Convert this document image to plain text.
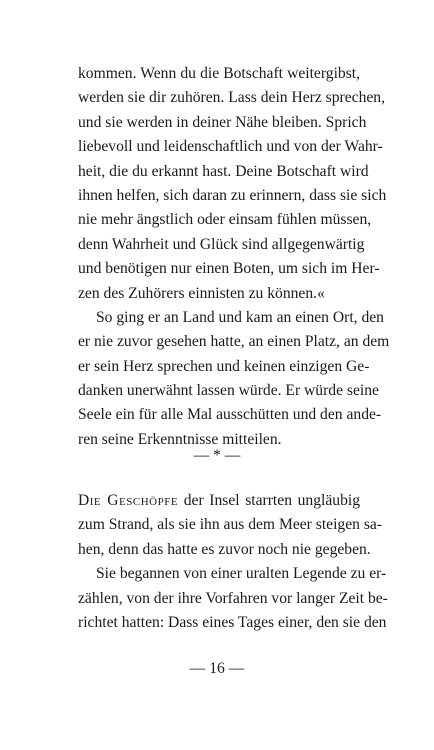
kommen. Wenn du die Botschaft weitergibst,
werden sie dir zuhören. Lass dein Herz sprechen,
und sie werden in deiner Nähe bleiben. Sprich
liebevoll und leidenschaftlich und von der Wahr-
heit, die du erkannt hast. Deine Botschaft wird
ihnen helfen, sich daran zu erinnern, dass sie sich
nie mehr ängstlich oder einsam fühlen müssen,
denn Wahrheit und Glück sind allgegenwärtig
und benötigen nur einen Boten, um sich im Her-
zen des Zuhörers einnisten zu können.«
So ging er an Land und kam an einen Ort, den
er nie zuvor gesehen hatte, an einen Platz, an dem
er sein Herz sprechen und keinen einzigen Ge-
danken unerwähnt lassen würde. Er würde seine
Seele ein für alle Mal ausschütten und den ande-
ren seine Erkenntnisse mitteilen.
— * —
Die Geschöpfe der Insel starrten ungläubig
zum Strand, als sie ihn aus dem Meer steigen sa-
hen, denn das hatte es zuvor noch nie gegeben.
Sie begannen von einer uralten Legende zu er-
zählen, von der ihre Vorfahren vor langer Zeit be-
richtet hatten: Dass eines Tages einer, den sie den
— 16 —
